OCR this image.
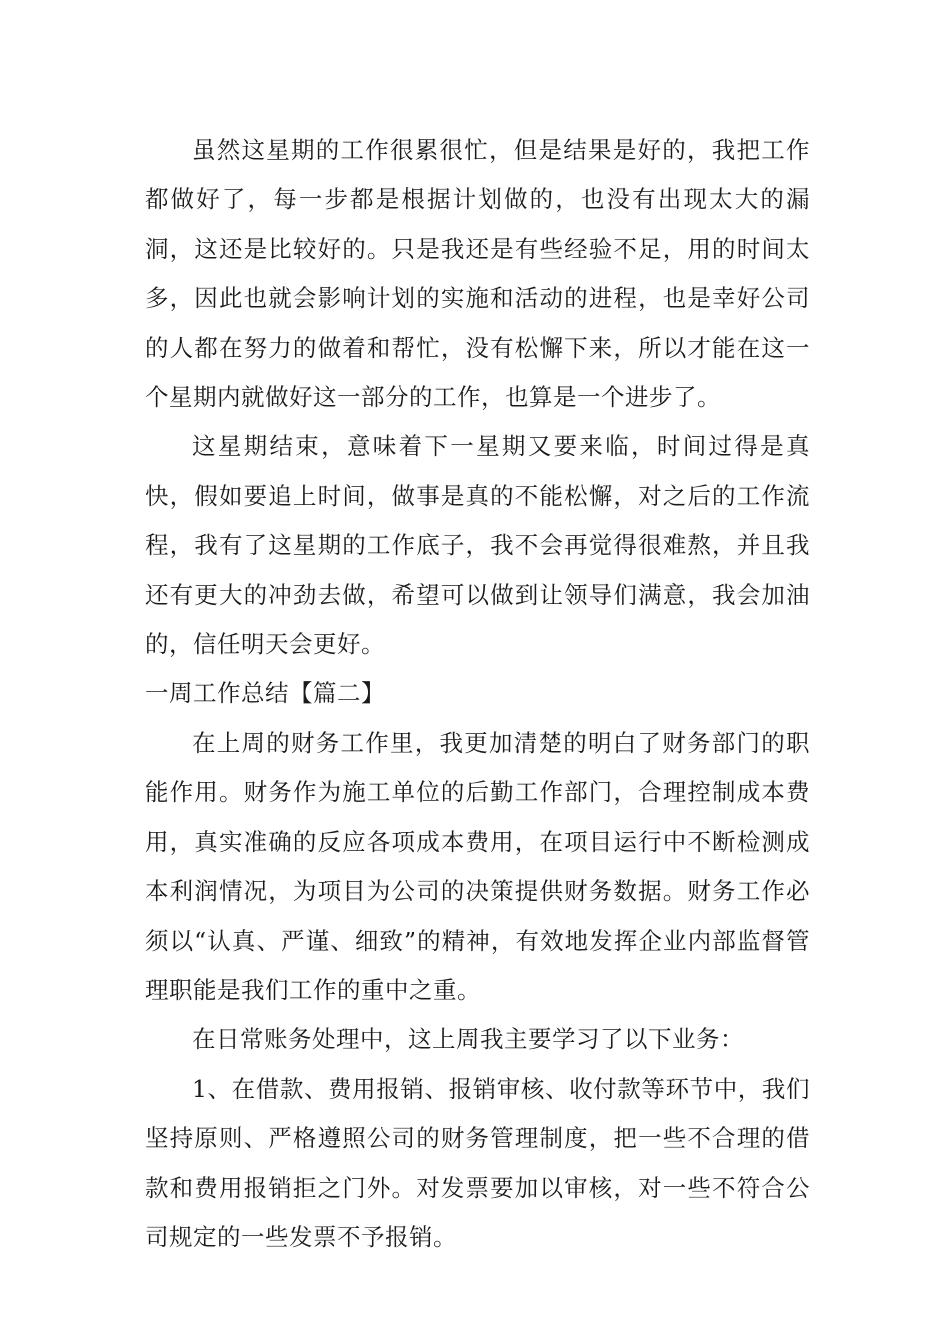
虽然这星期的工作很累很忙，但是结果是好的，我把工作都做好了，每一步都是根据计划做的，也没有出现太大的漏洞，这还是比较好的。只是我还是有些经验不足，用的时间太多，因此也就会影响计划的实施和活动的进程，也是幸好公司的人都在努力的做着和帮忙，没有松懈下来，所以才能在这一个星期内就做好这一部分的工作，也算是一个进步了。

这星期结束，意味着下一星期又要来临，时间过得是真快，假如要追上时间，做事是真的不能松懈，对之后的工作流程，我有了这星期的工作底子，我不会再觉得很难熬，并且我还有更大的冲劲去做，希望可以做到让领导们满意，我会加油的，信任明天会更好。

一周工作总结【篇二】

在上周的财务工作里，我更加清楚的明白了财务部门的职能作用。财务作为施工单位的后勤工作部门，合理控制成本费用，真实准确的反应各项成本费用，在项目运行中不断检测成本利润情况，为项目为公司的决策提供财务数据。财务工作必须以“认真、严谨、细致”的精神，有效地发挥企业内部监督管理职能是我们工作的重中之重。

在日常账务处理中，这上周我主要学习了以下业务：

1、在借款、费用报销、报销审核、收付款等环节中，我们坚持原则、严格遵照公司的财务管理制度，把一些不合理的借款和费用报销拒之门外。对发票要加以审核，对一些不符合公司规定的一些发票不予报销。
